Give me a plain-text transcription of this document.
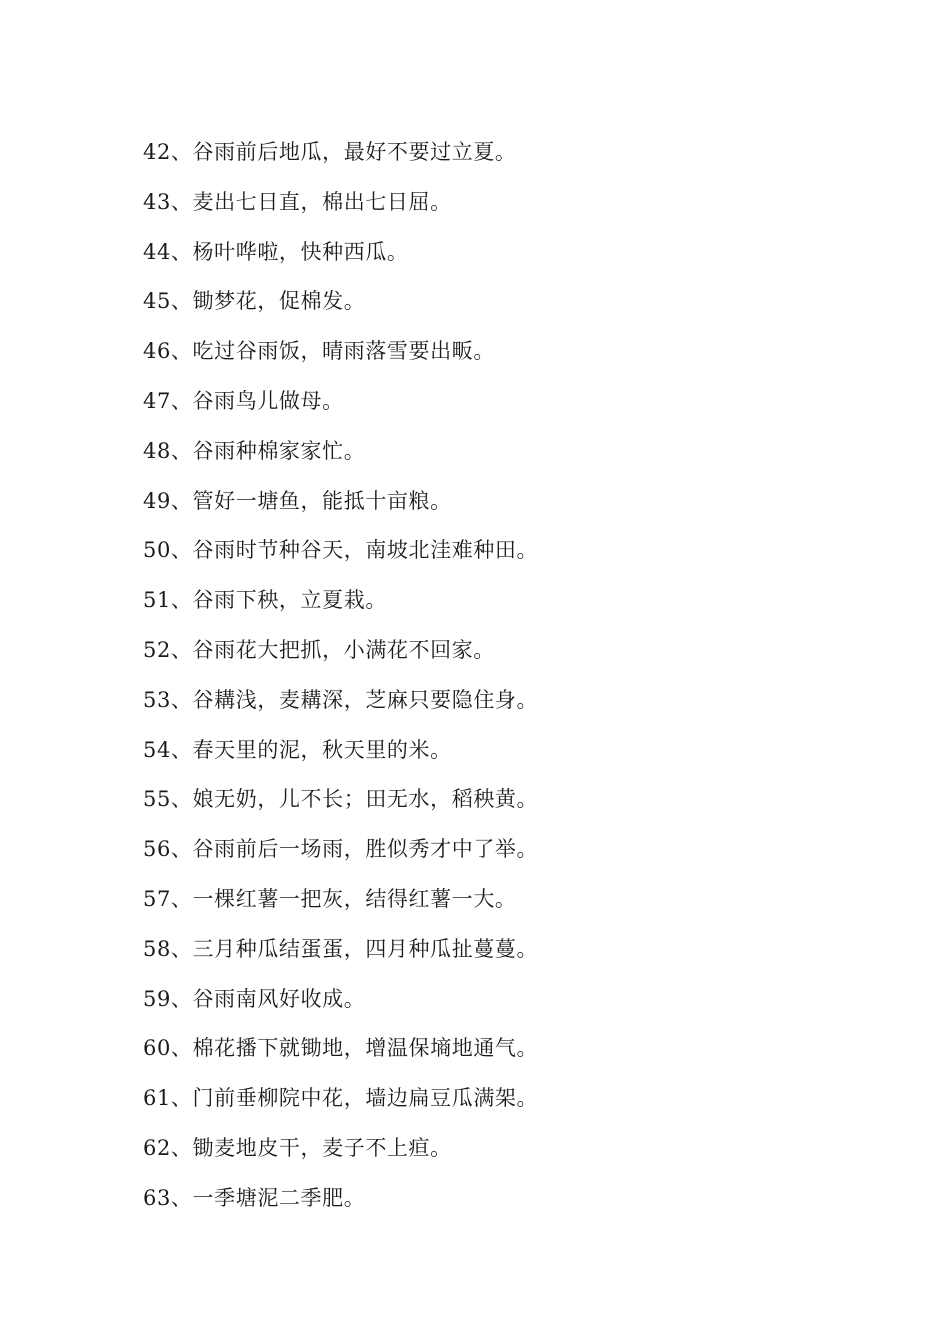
42、谷雨前后地瓜，最好不要过立夏。
43、麦出七日直，棉出七日屈。
44、杨叶哗啦，快种西瓜。
45、锄梦花，促棉发。
46、吃过谷雨饭，晴雨落雪要出畈。
47、谷雨鸟儿做母。
48、谷雨种棉家家忙。
49、管好一塘鱼，能抵十亩粮。
50、谷雨时节种谷天，南坡北洼难种田。
51、谷雨下秧，立夏栽。
52、谷雨花大把抓，小满花不回家。
53、谷耩浅，麦耩深，芝麻只要隐住身。
54、春天里的泥，秋天里的米。
55、娘无奶，儿不长；田无水，稻秧黄。
56、谷雨前后一场雨，胜似秀才中了举。
57、一棵红薯一把灰，结得红薯一大。
58、三月种瓜结蛋蛋，四月种瓜扯蔓蔓。
59、谷雨南风好收成。
60、棉花播下就锄地，增温保墒地通气。
61、门前垂柳院中花，墙边扁豆瓜满架。
62、锄麦地皮干，麦子不上疸。
63、一季塘泥二季肥。
